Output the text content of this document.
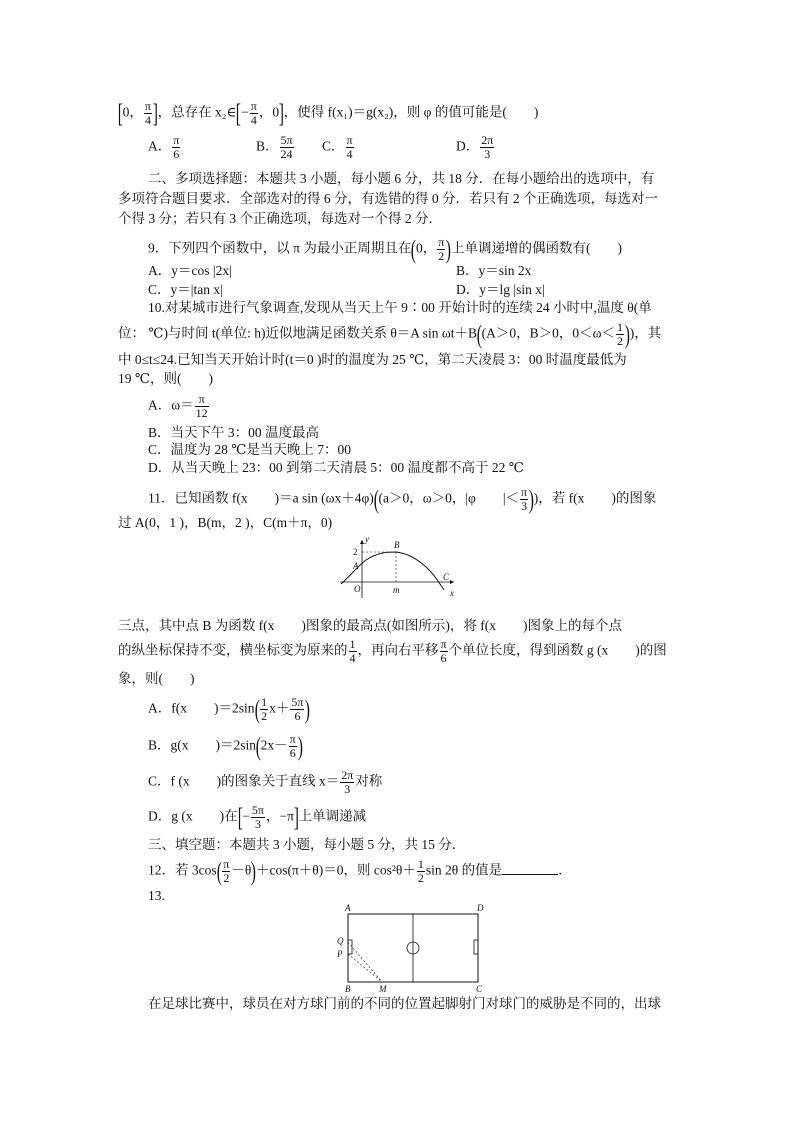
[0， $\frac{\pi}{4}$ ]，总存在 x₂∈[− $\frac{\pi}{4}$ ，0]，使得 f(x₁)＝g(x₂)，则 φ 的值可能是(　　)
A． $\frac{\pi}{6}$	B． $\frac{5\pi}{24}$ C． $\frac{\pi}{4}$	D． $\frac{2\pi}{3}$
二、多项选择题：本题共 3 小题，每小题 6 分，共 18 分．在每小题给出的选项中，有
多项符合题目要求．全部选对的得 6 分，有选错的得 0 分．若只有 2 个正确选项，每选对一
个得 3 分；若只有 3 个正确选项，每选对一个得 2 分．
9．下列四个函数中，以 π 为最小正周期且在(0， $\frac{\pi}{2}$ )上单调递增的偶函数有(　　)
A．y＝cos |2x|	B．y＝sin 2x
C．y＝|tan x|	D．y＝lg |sin x|
10.对某城市进行气象调查,发现从当天上午 9∶00 开始计时的连续 24 小时中,温度 θ(单
位： ℃)与时间 t(单位: h)近似地满足函数关系 θ＝A sin ωt＋B((A＞0，B＞0，$0<\omega< \frac{1}{2}$ ))，其
中 0≤t≤24.已知当天开始计时(t＝0 )时的温度为 25 ℃，第二天凌晨 3：00 时温度最低为
19 ℃，则(　　)
A．$\omega= \frac{\pi}{12}$
B．当天下午 3：00 温度最高
C．温度为 28 ℃是当天晚上 7：00
D．从当天晚上 23：00 到第二天清晨 5：00 温度都不高于 22 ℃
11．已知函数 f(x　　)＝a sin (ωx＋4φ)((a＞0，ω＞0，|φ　　|＜ $\frac{\pi}{3}$ ))，若 f(x　　)的图象
过 A(0，1 )，B(m，2 )，C(m＋π，0)
y
x
O
2
A
B
m
C
三点，其中点 B 为函数 f(x　　)图象的最高点(如图所示)，将 f(x　　)图象上的每个点
的纵坐标保持不变，横坐标变为原来的 $\frac{1}{4}$ ，再向右平移 $\frac{\pi}{6}$ 个单位长度，得到函数 g (x　　)的图
象，则(　　)
A．f(x　　)$=2\sin( \frac{1}{2} x+ \frac{5\pi}{6}$ )
B．g(x　　)$=2\sin(2x- \frac{\pi}{6}$ )
C．f (x　　)的图象关于直线 $x= \frac{2\pi}{3}$ 对称
D．g (x　　)在[− $\frac{5\pi}{3}$ ，−π]上单调递减
三、填空题：本题共 3 小题，每小题 5 分，共 15 分．
12．若 $3\cos( \frac{\pi}{2} -\theta)+\cos(\pi+\theta)=0$，则 $\cos^2\theta+ \frac{1}{2}$ sin 2θ 的值是	．
13.
A	D
Q
P
B	M	C
在足球比赛中，球员在对方球门前的不同的位置起脚射门对球门的威胁是不同的，出球
